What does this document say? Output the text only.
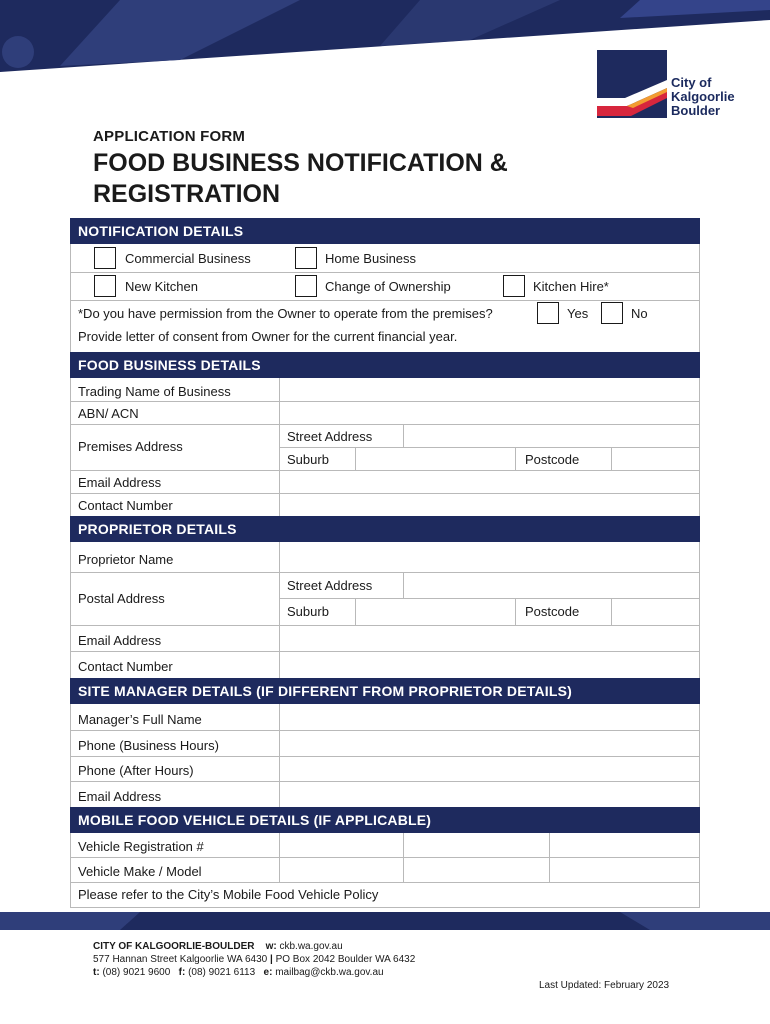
City of
Kalgoorlie
Boulder
APPLICATION FORM
FOOD BUSINESS NOTIFICATION & REGISTRATION
NOTIFICATION DETAILS
Commercial Business	Home Business
New Kitchen	Change of Ownership	Kitchen Hire*
*Do you have permission from the Owner to operate from the premises?	Yes	No
Provide letter of consent from Owner for the current financial year.
FOOD BUSINESS DETAILS
Trading Name of Business
ABN/ ACN
Premises Address
Street Address
Suburb	Postcode
Email Address
Contact Number
PROPRIETOR DETAILS
Proprietor Name
Postal Address
Street Address
Suburb	Postcode
Email Address
Contact Number
SITE MANAGER DETAILS (IF DIFFERENT FROM PROPRIETOR DETAILS)
Manager’s Full Name
Phone (Business Hours)
Phone (After Hours)
Email Address
MOBILE FOOD VEHICLE DETAILS (IF APPLICABLE)
Vehicle Registration #
Vehicle Make / Model
Please refer to the City’s Mobile Food Vehicle Policy
CITY OF KALGOORLIE-BOULDER w: ckb.wa.gov.au
577 Hannan Street Kalgoorlie WA 6430 | PO Box 2042 Boulder WA 6432
t: (08) 9021 9600 f: (08) 9021 6113 e: mailbag@ckb.wa.gov.au
Last Updated: February 2023
